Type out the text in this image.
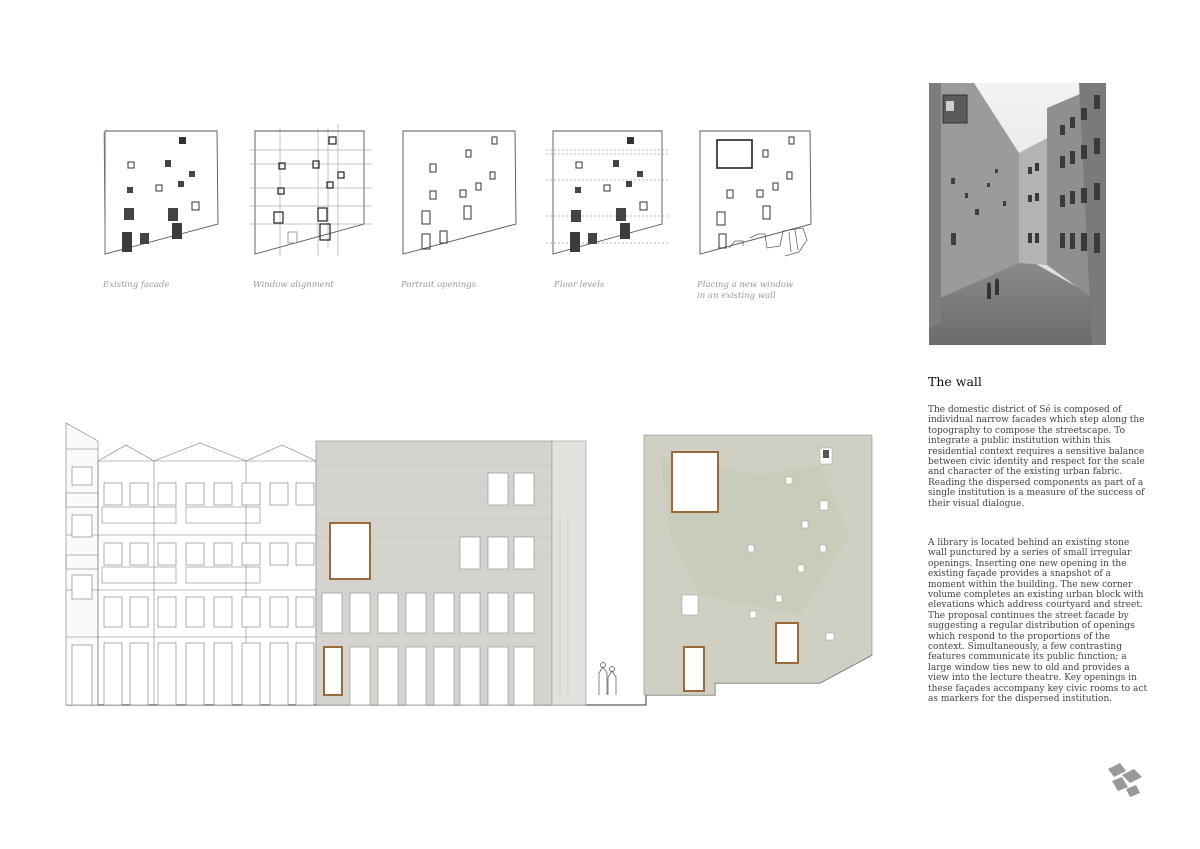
Existing facade	Window alignment	Portrait openings	Floor levels	Placing a new window
in an existing wall
The wall
The domestic district of Sé is composed of individual narrow facades which step along the topography to compose the streetscape. To integrate a public institution within this residential context requires a sensitive balance between civic identity and respect for the scale and character of the existing urban fabric. Reading the dispersed components as part of a single institution is a measure of the success of their visual dialogue.
A library is located behind an existing stone wall punctured by a series of small irregular openings. Inserting one new opening in the existing façade provides a snapshot of a moment within the building. The new corner volume completes an existing urban block with elevations which address courtyard and street. The proposal continues the street facade by suggesting a regular distribution of openings which respond to the proportions of the context. Simultaneously, a few contrasting features communicate its public function; a large window ties new to old and provides a view into the lecture theatre. Key openings in these façades accompany key civic rooms to act as markers for the dispersed institution.
